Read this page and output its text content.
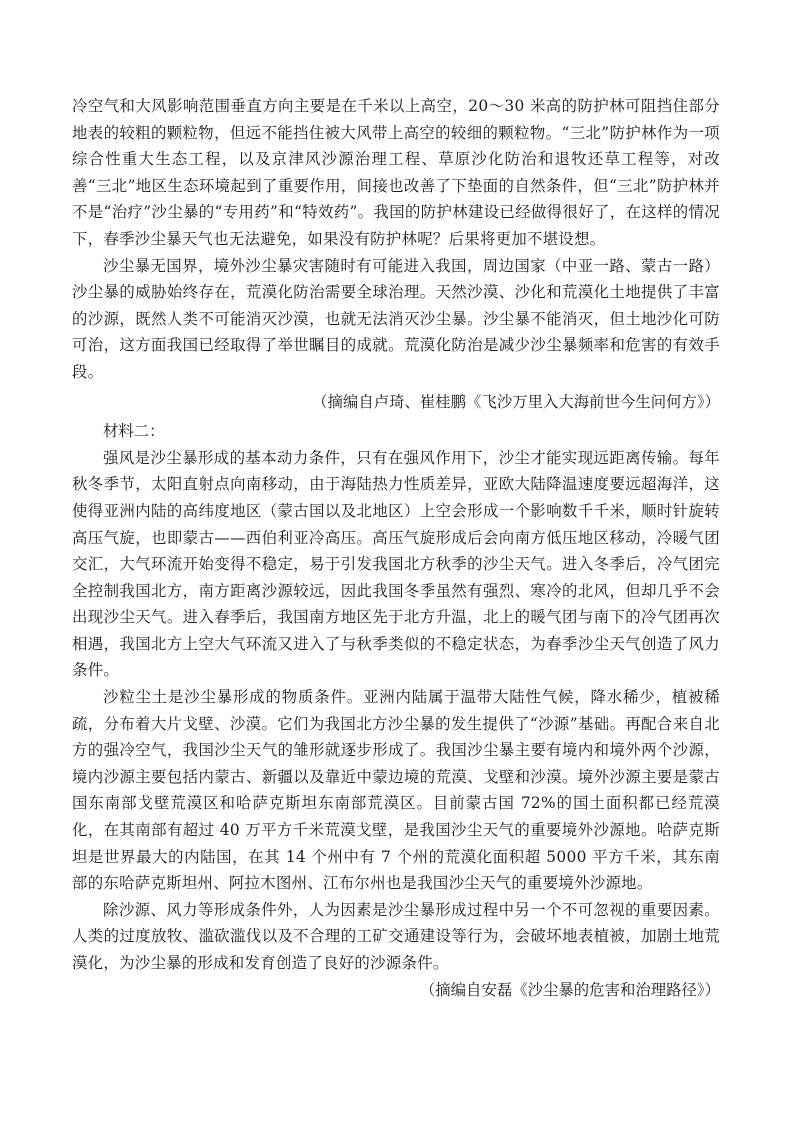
冷空气和大风影响范围垂直方向主要是在千米以上高空，20～30 米高的防护林可阻挡住部分地表的较粗的颗粒物，但远不能挡住被大风带上高空的较细的颗粒物。“三北”防护林作为一项综合性重大生态工程，以及京津风沙源治理工程、草原沙化防治和退牧还草工程等，对改善“三北”地区生态环境起到了重要作用，间接也改善了下垫面的自然条件，但“三北”防护林并不是“治疗”沙尘暴的“专用药”和“特效药”。我国的防护林建设已经做得很好了，在这样的情况下，春季沙尘暴天气也无法避免，如果没有防护林呢？后果将更加不堪设想。

沙尘暴无国界，境外沙尘暴灾害随时有可能进入我国，周边国家（中亚一路、蒙古一路）沙尘暴的威胁始终存在，荒漠化防治需要全球治理。天然沙漠、沙化和荒漠化土地提供了丰富的沙源，既然人类不可能消灭沙漠，也就无法消灭沙尘暴。沙尘暴不能消灭，但土地沙化可防可治，这方面我国已经取得了举世瞩目的成就。荒漠化防治是减少沙尘暴频率和危害的有效手段。

（摘编自卢琦、崔桂鹏《飞沙万里入大海前世今生问何方》）

材料二：

强风是沙尘暴形成的基本动力条件，只有在强风作用下，沙尘才能实现远距离传输。每年秋冬季节，太阳直射点向南移动，由于海陆热力性质差异，亚欧大陆降温速度要远超海洋，这使得亚洲内陆的高纬度地区（蒙古国以及北地区）上空会形成一个影响数千千米，顺时针旋转高压气旋，也即蒙古——西伯利亚冷高压。高压气旋形成后会向南方低压地区移动，冷暖气团交汇，大气环流开始变得不稳定，易于引发我国北方秋季的沙尘天气。进入冬季后，冷气团完全控制我国北方，南方距离沙源较远，因此我国冬季虽然有强烈、寒冷的北风，但却几乎不会出现沙尘天气。进入春季后，我国南方地区先于北方升温，北上的暖气团与南下的冷气团再次相遇，我国北方上空大气环流又进入了与秋季类似的不稳定状态，为春季沙尘天气创造了风力条件。

沙粒尘土是沙尘暴形成的物质条件。亚洲内陆属于温带大陆性气候，降水稀少，植被稀疏，分布着大片戈壁、沙漠。它们为我国北方沙尘暴的发生提供了“沙源”基础。再配合来自北方的强冷空气，我国沙尘天气的雏形就逐步形成了。我国沙尘暴主要有境内和境外两个沙源，境内沙源主要包括内蒙古、新疆以及靠近中蒙边境的荒漠、戈壁和沙漠。境外沙源主要是蒙古国东南部戈壁荒漠区和哈萨克斯坦东南部荒漠区。目前蒙古国 72%的国土面积都已经荒漠化，在其南部有超过 40 万平方千米荒漠戈壁，是我国沙尘天气的重要境外沙源地。哈萨克斯坦是世界最大的内陆国，在其 14 个州中有 7 个州的荒漠化面积超 5000 平方千米，其东南部的东哈萨克斯坦州、阿拉木图州、江布尔州也是我国沙尘天气的重要境外沙源地。

除沙源、风力等形成条件外，人为因素是沙尘暴形成过程中另一个不可忽视的重要因素。人类的过度放牧、滥砍滥伐以及不合理的工矿交通建设等行为，会破坏地表植被，加剧土地荒漠化，为沙尘暴的形成和发育创造了良好的沙源条件。

（摘编自安磊《沙尘暴的危害和治理路径》）
